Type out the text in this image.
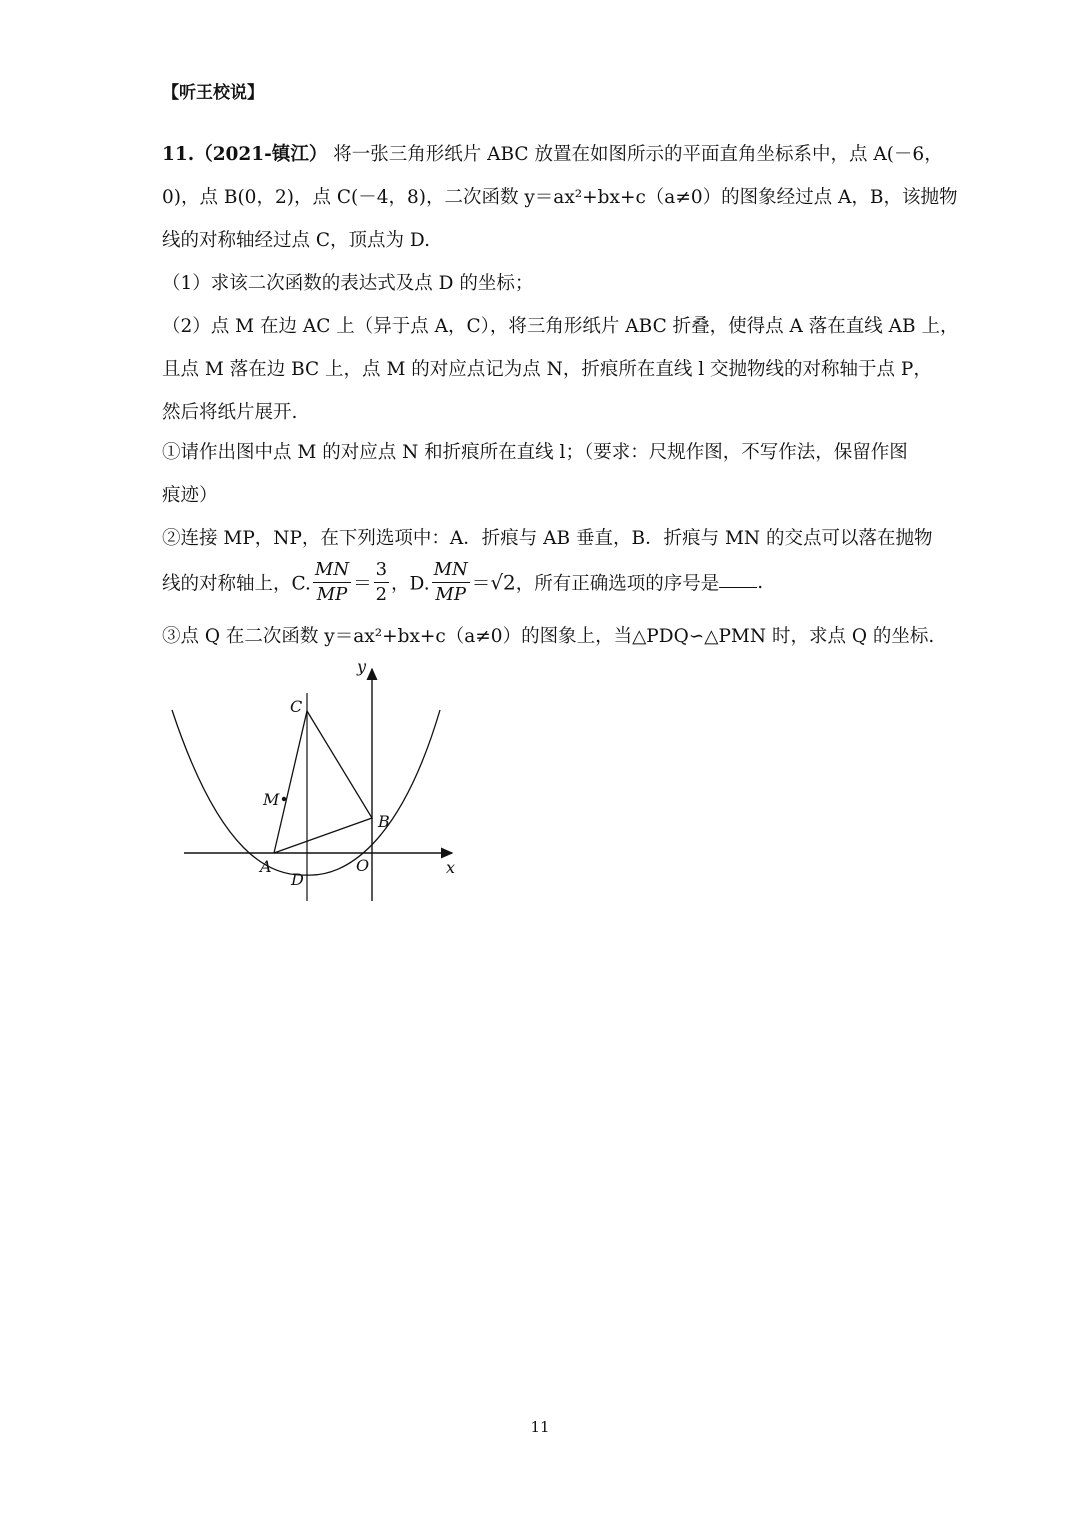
【听王校说】
11.（2021-镇江） 将一张三角形纸片 ABC 放置在如图所示的平面直角坐标系中，点 A(－6，
0)，点 B(0，2)，点 C(－4，8)，二次函数 y＝ax²+bx+c（a≠0）的图象经过点 A，B，该抛物
线的对称轴经过点 C，顶点为 D.
（1）求该二次函数的表达式及点 D 的坐标；
（2）点 M 在边 AC 上（异于点 A，C），将三角形纸片 ABC 折叠，使得点 A 落在直线 AB 上，
且点 M 落在边 BC 上，点 M 的对应点记为点 N，折痕所在直线 l 交抛物线的对称轴于点 P，
然后将纸片展开.
①请作出图中点 M 的对应点 N 和折痕所在直线 l；（要求：尺规作图，不写作法，保留作图
痕迹）
②连接 MP，NP，在下列选项中：A．折痕与 AB 垂直，B．折痕与 MN 的交点可以落在抛物
线的对称轴上，C. $\frac{MN}{MP} = \frac{3}{2}$ ，D. $\frac{MN}{MP} =√2$，所有正确选项的序号是 .
③点 Q 在二次函数 y＝ax²+bx+c（a≠0）的图象上，当△PDQ∽△PMN 时，求点 Q 的坐标.
y
x
C
M
B
A
D
O
11
